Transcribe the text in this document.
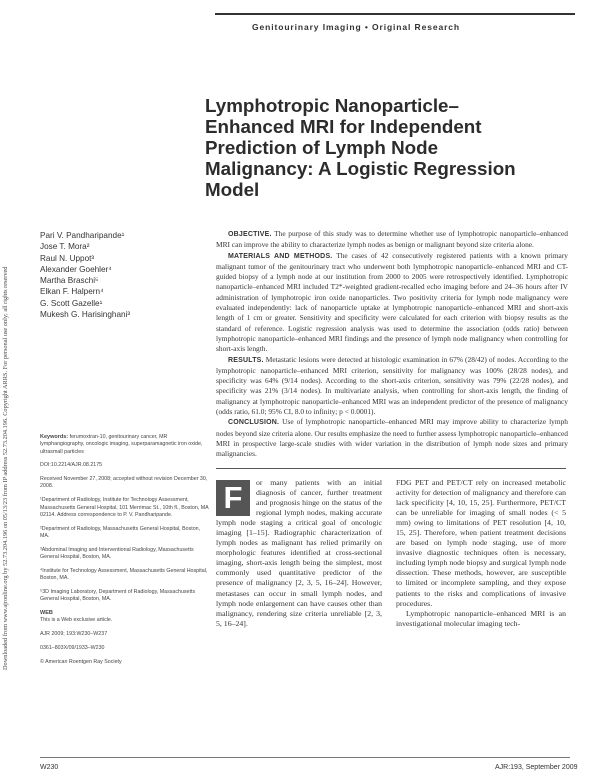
Downloaded from www.ajronline.org by 52.73.204.196 on 05/13/23 from IP address 52.73.204.196. Copyright ARRS. For personal use only; all rights reserved
Genitourinary Imaging • Original Research
Lymphotropic Nanoparticle–Enhanced MRI for Independent Prediction of Lymph Node Malignancy: A Logistic Regression Model
Pari V. Pandharipande¹
Jose T. Mora²
Raul N. Uppot³
Alexander Goehler⁴
Martha Braschi⁵
Elkan F. Halpern⁴
G. Scott Gazelle¹
Mukesh G. Harisinghani³

OBJECTIVE. The purpose of this study was to determine whether use of lymphotropic nanoparticle–enhanced MRI can improve the ability to characterize lymph nodes as benign or malignant beyond size criteria alone.

MATERIALS AND METHODS. The cases of 42 consecutively registered patients with a known primary malignant tumor of the genitourinary tract who underwent both lymphotropic nanoparticle–enhanced MRI and CT-guided biopsy of a lymph node at our institution from 2000 to 2005 were retrospectively identified. Lymphotropic nanoparticle–enhanced MRI included T2*-weighted gradient-recalled echo imaging before and 24–36 hours after IV administration of lymphotropic iron oxide nanoparticles. Two positivity criteria for lymph node malignancy were evaluated independently: lack of nanoparticle uptake at lymphotropic nanoparticle–enhanced MRI and short-axis length of 1 cm or greater. Sensitivity and specificity were calculated for each criterion with biopsy results as the standard of reference. Logistic regression analysis was used to determine the association (odds ratio) between lymphotropic nanoparticle–enhanced MRI findings and the presence of lymph node malignancy when controlling for short-axis length.

RESULTS. Metastatic lesions were detected at histologic examination in 67% (28/42) of nodes. According to the lymphotropic nanoparticle–enhanced MRI criterion, sensitivity for malignancy was 100% (28/28 nodes), and specificity was 64% (9/14 nodes). According to the short-axis criterion, sensitivity was 79% (22/28 nodes), and specificity was 21% (3/14 nodes). In multivariate analysis, when controlling for short-axis length, the finding of malignancy at lymphotropic nanoparticle–enhanced MRI was an independent predictor of the presence of malignancy (odds ratio, 61.0; 95% CI, 8.0 to infinity; p < 0.0001).

CONCLUSION. Use of lymphotropic nanoparticle–enhanced MRI may improve ability to characterize lymph nodes beyond size criteria alone. Our results emphasize the need to further assess lymphotropic nanoparticle–enhanced MRI in prospective large-scale studies with wider variation in the distribution of lymph node sizes and primary malignancies.

Keywords: ferumoxtran-10, genitourinary cancer, MR lymphangiography, oncologic imaging, superparamagnetic iron oxide, ultrasmall particles
DOI:10.2214/AJR.08.2175
Received November 27, 2008; accepted without revision December 30, 2008.
¹Department of Radiology, Institute for Technology Assessment, Massachusetts General Hospital, 101 Merrimac St., 10th fl., Boston, MA 02114. Address correspondence to P. V. Pandharipande.
²Department of Radiology, Massachusetts General Hospital, Boston, MA.
³Abdominal Imaging and Interventional Radiology, Massachusetts General Hospital, Boston, MA.
⁴Institute for Technology Assessment, Massachusetts General Hospital, Boston, MA.
⁵3D Imaging Laboratory, Department of Radiology, Massachusetts General Hospital, Boston, MA.
WEB
This is a Web exclusive article.
AJR 2009; 193:W230–W237
0361–803X/09/1933–W230
© American Roentgen Ray Society
F	or many patients with an initial diagnosis of cancer, further treatment and prognosis hinge on the status of the regional lymph nodes, making accurate lymph node staging a critical goal of oncologic imaging [1–15]. Radiographic characterization of lymph nodes as malignant has relied primarily on morphologic features identified at cross-sectional imaging, short-axis length being the simplest, most commonly used quantitative predictor of the presence of malignancy [2, 3, 5, 16–24]. However, metastases can occur in small lymph nodes, and lymph node enlargement can have causes other than malignancy, rendering size criteria unreliable [2, 3, 5, 16–24].

FDG PET and PET/CT rely on increased metabolic activity for detection of malignancy and therefore can lack specificity [4, 10, 15, 25]. Furthermore, PET/CT can be unreliable for imaging of small nodes (< 5 mm) owing to limitations of PET resolution [4, 10, 15, 25]. Therefore, when patient treatment decisions are based on lymph node staging, use of more invasive diagnostic techniques often is necessary, including lymph node biopsy and surgical lymph node dissection. These methods, however, are susceptible to limited or incomplete sampling, and they expose patients to the risks and complications of invasive procedures.

Lymphotropic nanoparticle–enhanced MRI is an investigational molecular imaging tech-

W230	AJR:193, September 2009
